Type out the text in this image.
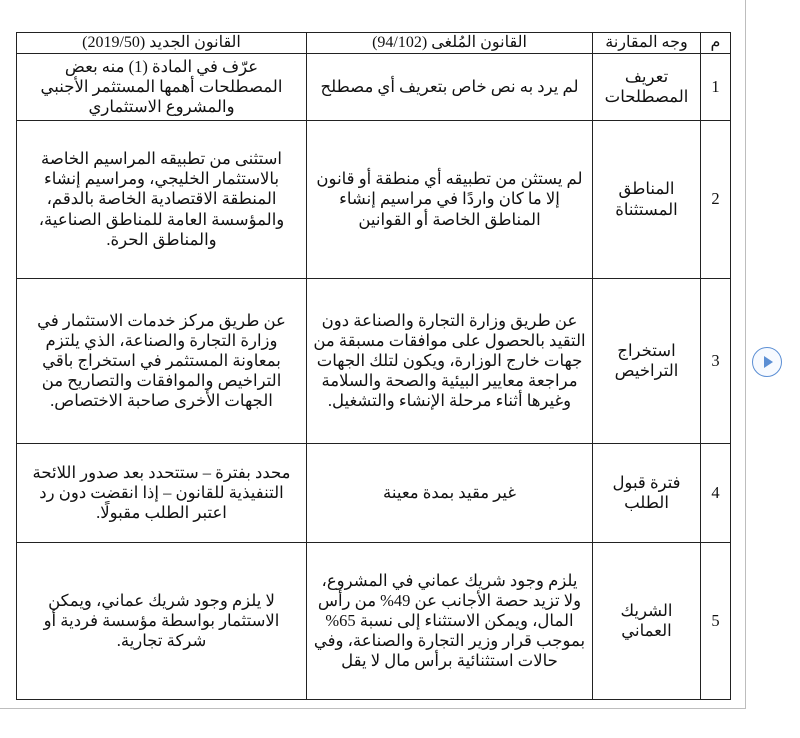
م	وجه المقارنة	القانون المُلغى (94/102)	القانون الجديد (2019/50)
1	تعريف المصطلحات	لم يرد به نص خاص بتعريف أي مصطلح	عرّف في المادة (1) منه بعض المصطلحات أهمها المستثمر الأجنبي والمشروع الاستثماري
2	المناطق المستثناة	لم يستثن من تطبيقه أي منطقة أو قانون إلا ما كان واردًا في مراسيم إنشاء المناطق الخاصة أو القوانين	استثنى من تطبيقه المراسيم الخاصة بالاستثمار الخليجي، ومراسيم إنشاء المنطقة الاقتصادية الخاصة بالدقم، والمؤسسة العامة للمناطق الصناعية، والمناطق الحرة.
3	استخراج التراخيص	عن طريق وزارة التجارة والصناعة دون التقيد بالحصول على موافقات مسبقة من جهات خارج الوزارة، ويكون لتلك الجهات مراجعة معايير البيئية والصحة والسلامة وغيرها أثناء مرحلة الإنشاء والتشغيل.	عن طريق مركز خدمات الاستثمار في وزارة التجارة والصناعة، الذي يلتزم بمعاونة المستثمر في استخراج باقي التراخيص والموافقات والتصاريح من الجهات الأخرى صاحبة الاختصاص.
4	فترة قبول الطلب	غير مقيد بمدة معينة	محدد بفترة – ستتحدد بعد صدور اللائحة التنفيذية للقانون – إذا انقضت دون رد اعتبر الطلب مقبولًا.
5	الشريك العماني	يلزم وجود شريك عماني في المشروع، ولا تزيد حصة الأجانب عن 49% من رأس المال، ويمكن الاستثناء إلى نسبة 65% بموجب قرار وزير التجارة والصناعة، وفي حالات استثنائية برأس مال لا يقل	لا يلزم وجود شريك عماني، ويمكن الاستثمار بواسطة مؤسسة فردية أو شركة تجارية.
